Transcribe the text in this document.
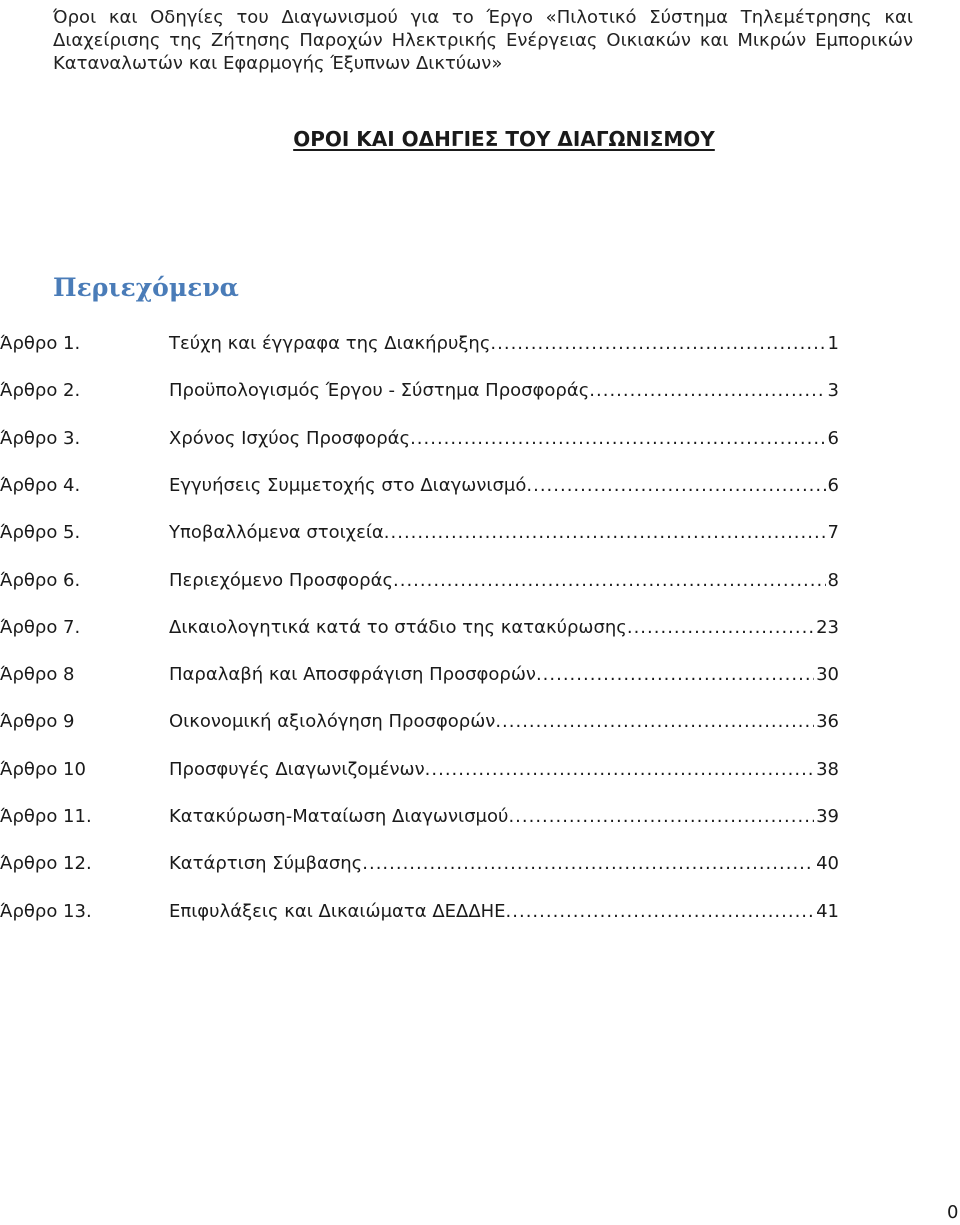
Όροι και Οδηγίες του Διαγωνισμού για το Έργο «Πιλοτικό Σύστημα Τηλεμέτρησης και Διαχείρισης της Ζήτησης Παροχών Ηλεκτρικής Ενέργειας Οικιακών και Μικρών Εμπορικών Καταναλωτών και Εφαρμογής Έξυπνων Δικτύων»
ΟΡΟΙ ΚΑΙ ΟΔΗΓΙΕΣ ΤΟΥ ΔΙΑΓΩΝΙΣΜΟΥ
Περιεχόμενα
Άρθρο 1.	Τεύχη και έγγραφα της Διακήρυξης .....	1
Άρθρο 2.	Προϋπολογισμός Έργου - Σύστημα Προσφοράς .....	3
Άρθρο 3.	Χρόνος Ισχύος Προσφοράς .....	6
Άρθρο 4.	Εγγυήσεις Συμμετοχής στο Διαγωνισμό .....	6
Άρθρο 5.	Υποβαλλόμενα στοιχεία .....	7
Άρθρο 6.	Περιεχόμενο Προσφοράς .....	8
Άρθρο 7.	Δικαιολογητικά κατά το στάδιο της κατακύρωσης .....	23
Άρθρο 8	Παραλαβή και Αποσφράγιση Προσφορών .....	30
Άρθρο 9	Οικονομική αξιολόγηση Προσφορών .....	36
Άρθρο 10	Προσφυγές Διαγωνιζομένων .....	38
Άρθρο 11.	Κατακύρωση-Ματαίωση Διαγωνισμού .....	39
Άρθρο 12.	Κατάρτιση Σύμβασης .....	40
Άρθρο 13.	Επιφυλάξεις και Δικαιώματα ΔΕΔΔΗΕ .....	41
0
